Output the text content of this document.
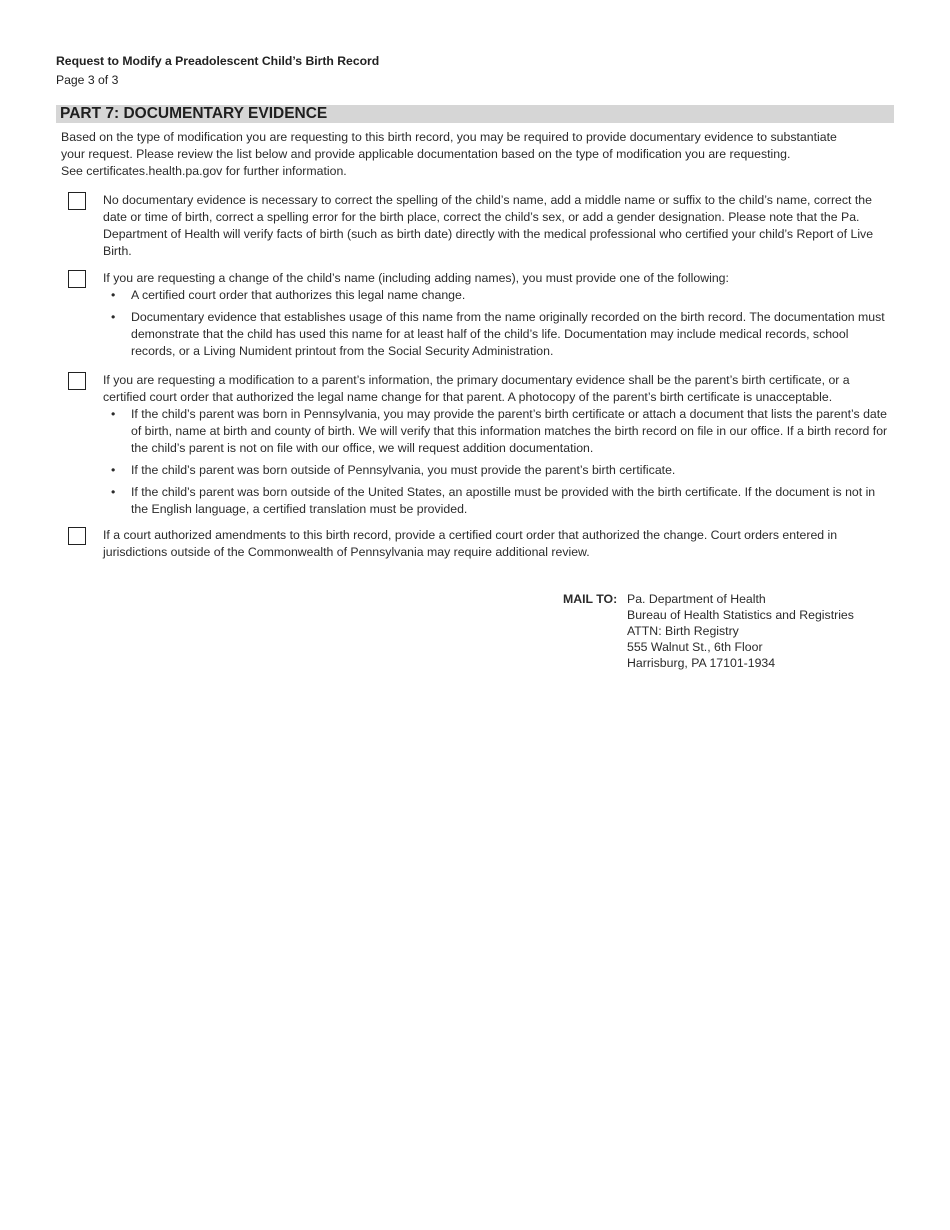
Request to Modify a Preadolescent Child’s Birth Record
Page 3 of 3
PART 7: DOCUMENTARY EVIDENCE
Based on the type of modification you are requesting to this birth record, you may be required to provide documentary evidence to substantiate
your request. Please review the list below and provide applicable documentation based on the type of modification you are requesting.
See certificates.health.pa.gov for further information.
No documentary evidence is necessary to correct the spelling of the child’s name, add a middle name or suffix to the child’s name, correct the date or time of birth, correct a spelling error for the birth place, correct the child’s sex, or add a gender designation. Please note that the Pa. Department of Health will verify facts of birth (such as birth date) directly with the medical professional who certified your child’s Report of Live Birth.
If you are requesting a change of the child’s name (including adding names), you must provide one of the following:
• A certified court order that authorizes this legal name change.
• Documentary evidence that establishes usage of this name from the name originally recorded on the birth record. The documentation must demonstrate that the child has used this name for at least half of the child’s life. Documentation may include medical records, school records, or a Living Numident printout from the Social Security Administration.
If you are requesting a modification to a parent’s information, the primary documentary evidence shall be the parent’s birth certificate, or a certified court order that authorized the legal name change for that parent. A photocopy of the parent’s birth certificate is unacceptable.
• If the child’s parent was born in Pennsylvania, you may provide the parent’s birth certificate or attach a document that lists the parent’s date of birth, name at birth and county of birth. We will verify that this information matches the birth record on file in our office. If a birth record for the child’s parent is not on file with our office, we will request addition documentation.
• If the child’s parent was born outside of Pennsylvania, you must provide the parent’s birth certificate.
• If the child’s parent was born outside of the United States, an apostille must be provided with the birth certificate. If the document is not in the English language, a certified translation must be provided.
If a court authorized amendments to this birth record, provide a certified court order that authorized the change. Court orders entered in jurisdictions outside of the Commonwealth of Pennsylvania may require additional review.
MAIL TO: Pa. Department of Health
Bureau of Health Statistics and Registries
ATTN: Birth Registry
555 Walnut St., 6th Floor
Harrisburg, PA 17101-1934
